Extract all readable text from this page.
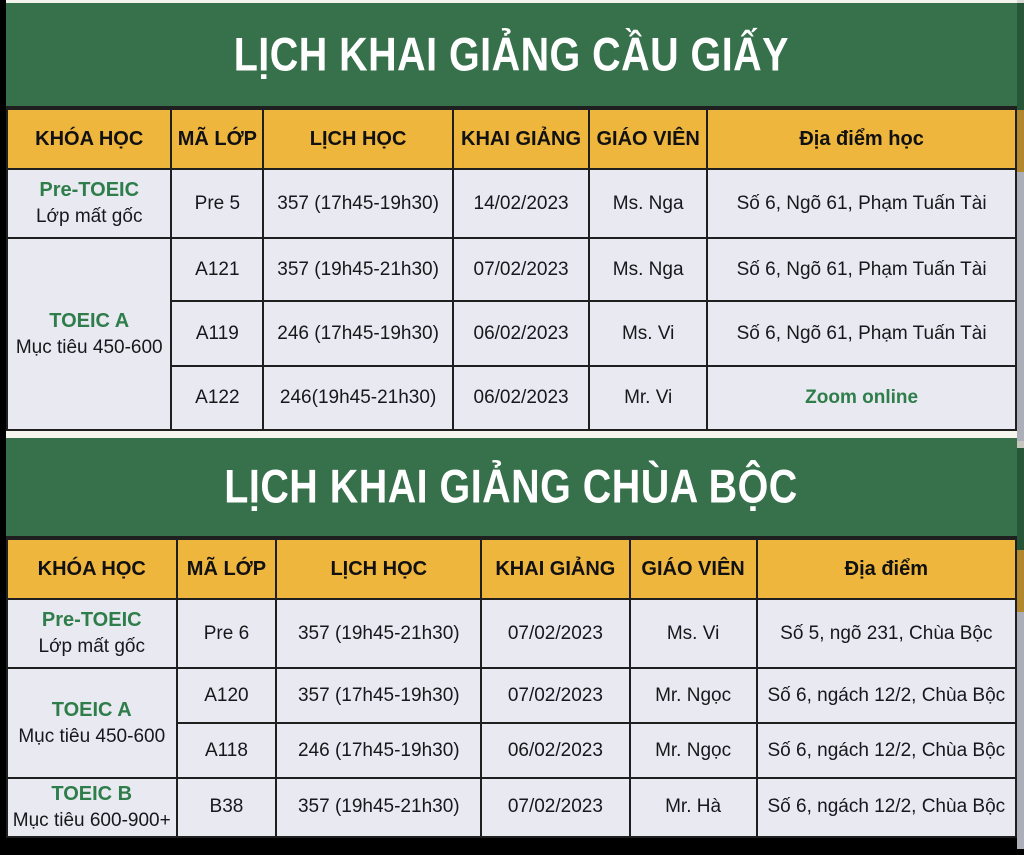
LỊCH KHAI GIẢNG CẦU GIẤY
KHÓA HỌC	MÃ LỚP	LỊCH HỌC	KHAI GIẢNG	GIÁO VIÊN	Địa điểm học

Pre-TOEIC
Lớp mất gốc	Pre 5	357 (17h45-19h30)	14/02/2023	Ms. Nga	Số 6, Ngõ 61, Phạm Tuấn Tài

TOEIC A
Mục tiêu 450-600	A121	357 (19h45-21h30)	07/02/2023	Ms. Nga	Số 6, Ngõ 61, Phạm Tuấn Tài
	A119	246 (17h45-19h30)	06/02/2023	Ms. Vi	Số 6, Ngõ 61, Phạm Tuấn Tài
	A122	246(19h45-21h30)	06/02/2023	Mr. Vi	Zoom online
LỊCH KHAI GIẢNG CHÙA BỘC
KHÓA HỌC	MÃ LỚP	LỊCH HỌC	KHAI GIẢNG	GIÁO VIÊN	Địa điểm

Pre-TOEIC
Lớp mất gốc	Pre 6	357 (19h45-21h30)	07/02/2023	Ms. Vi	Số 5, ngõ 231, Chùa Bộc

TOEIC A
Mục tiêu 450-600	A120	357 (17h45-19h30)	07/02/2023	Mr. Ngọc	Số 6, ngách 12/2, Chùa Bộc
	A118	246 (17h45-19h30)	06/02/2023	Mr. Ngọc	Số 6, ngách 12/2, Chùa Bộc

TOEIC B
Mục tiêu 600-900+	B38	357 (19h45-21h30)	07/02/2023	Mr. Hà	Số 6, ngách 12/2, Chùa Bộc
